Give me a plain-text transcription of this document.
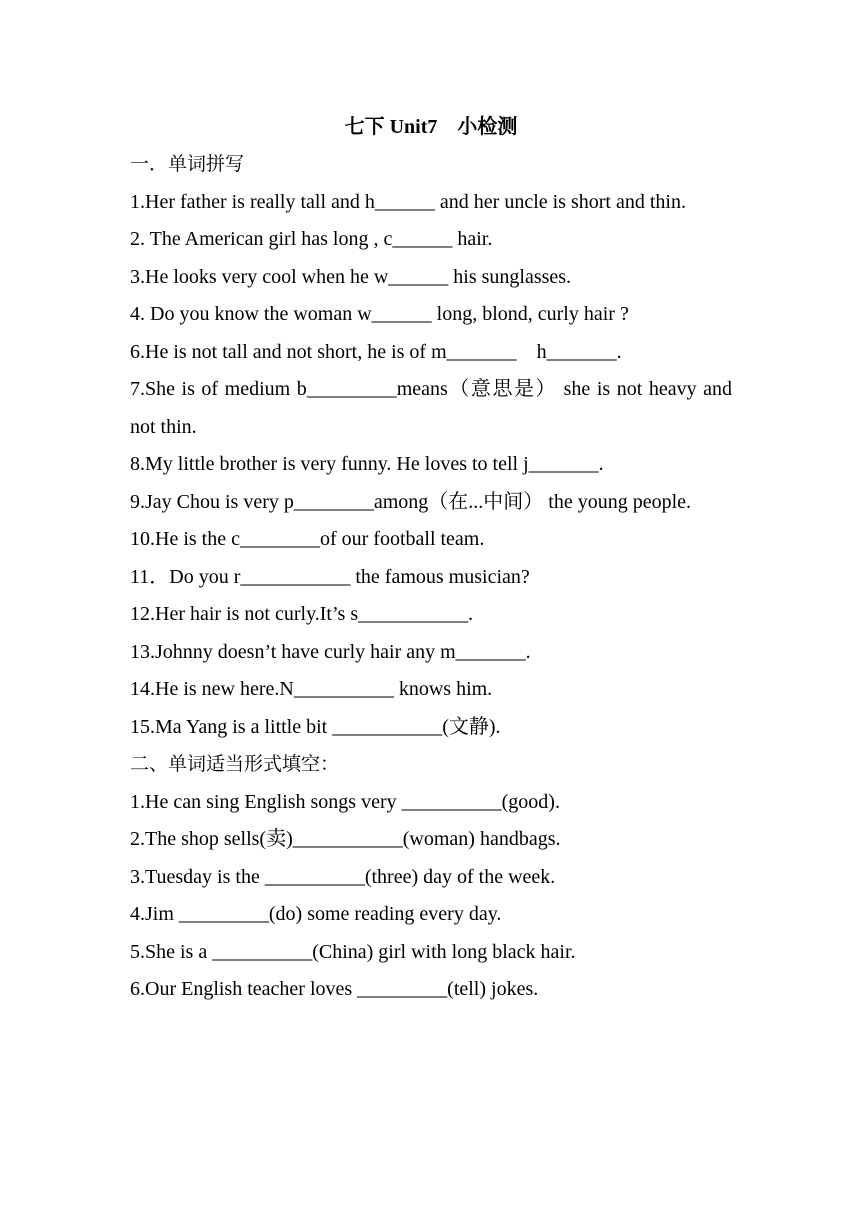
七下 Unit7　小检测

一．单词拼写

1.Her father is really tall and h______ and her uncle is short and thin.

2. The American girl has long , c______ hair.

3.He looks very cool when he w______ his sunglasses.

4. Do you know the woman w______ long, blond, curly hair ?

6.He is not tall and not short, he is of m_______　h_______.

7.She is of medium b_________means（意思是） she is not heavy and not thin.

8.My little brother is very funny. He loves to tell j_______.

9.Jay Chou is very p________among（在...中间） the young people.

10.He is the c________of our football team.

11．Do you r___________ the famous musician?

12.Her hair is not curly.It’s s___________.

13.Johnny doesn’t have curly hair any m_______.

14.He is new here.N__________ knows him.

15.Ma Yang is a little bit ___________(文静).

二、单词适当形式填空：

1.He can sing English songs very __________(good).

2.The shop sells(卖)___________(woman) handbags.

3.Tuesday is the __________(three) day of the week.

4.Jim _________(do) some reading every day.

5.She is a __________(China) girl with long black hair.

6.Our English teacher loves _________(tell) jokes.
